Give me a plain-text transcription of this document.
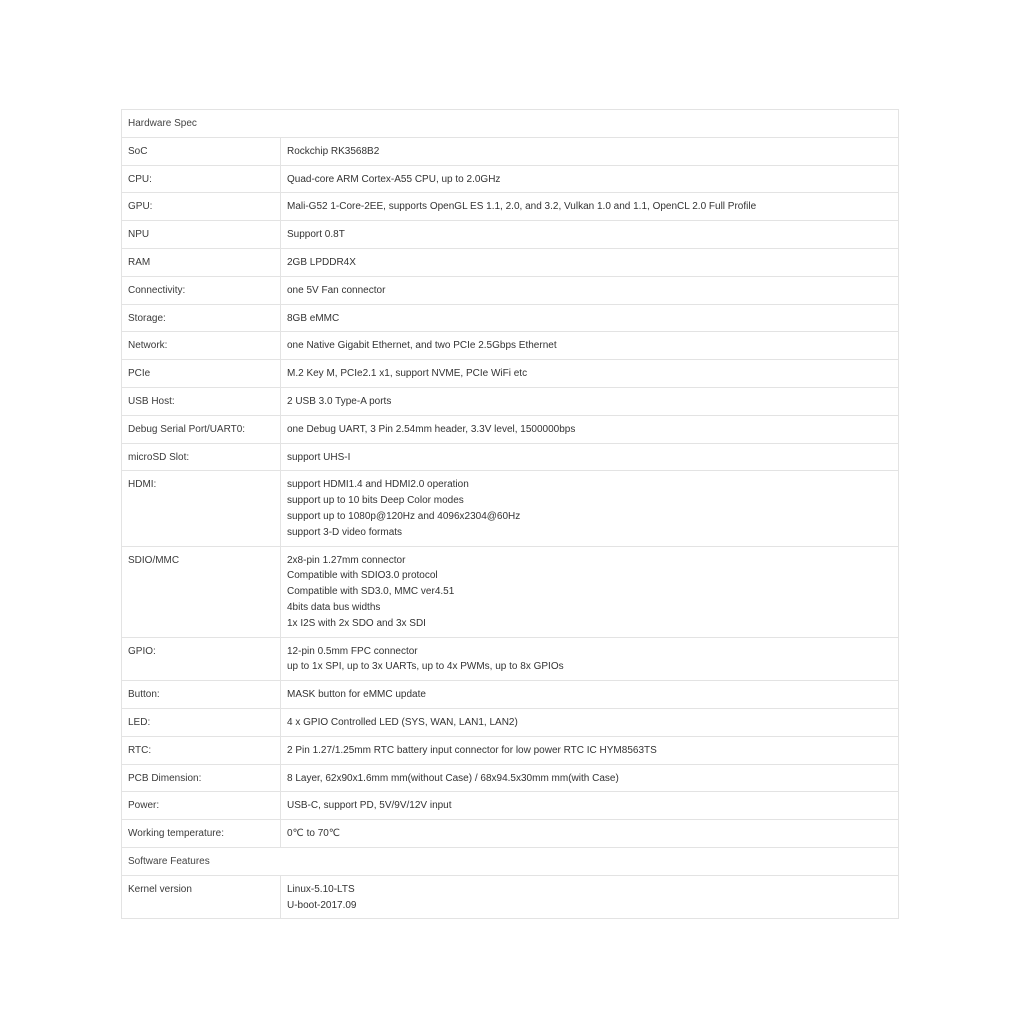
Hardware Spec	
SoC	Rockchip RK3568B2

CPU:	Quad-core ARM Cortex-A55 CPU, up to 2.0GHz

GPU:	Mali-G52 1-Core-2EE, supports OpenGL ES 1.1, 2.0, and 3.2, Vulkan 1.0 and 1.1, OpenCL 2.0 Full Profile

NPU	Support 0.8T

RAM	2GB LPDDR4X

Connectivity:	one 5V Fan connector

Storage:	8GB eMMC

Network:	one Native Gigabit Ethernet, and two PCIe 2.5Gbps Ethernet

PCIe	M.2 Key M, PCIe2.1 x1, support NVME, PCIe WiFi etc

USB Host:	2 USB 3.0 Type-A ports

Debug Serial Port/UART0:	one Debug UART, 3 Pin 2.54mm header, 3.3V level, 1500000bps

microSD Slot:	support UHS-I

HDMI:	support HDMI1.4 and HDMI2.0 operation
support up to 10 bits Deep Color modes
support up to 1080p@120Hz and 4096x2304@60Hz
support 3-D video formats

SDIO/MMC	2x8-pin 1.27mm connector
Compatible with SDIO3.0 protocol
Compatible with SD3.0, MMC ver4.51
4bits data bus widths
1x I2S with 2x SDO and 3x SDI

GPIO:	12-pin 0.5mm FPC connector
up to 1x SPI, up to 3x UARTs, up to 4x PWMs, up to 8x GPIOs

Button:	MASK button for eMMC update

LED:	4 x GPIO Controlled LED (SYS, WAN, LAN1, LAN2)

RTC:	2 Pin 1.27/1.25mm RTC battery input connector for low power RTC IC HYM8563TS

PCB Dimension:	8 Layer, 62x90x1.6mm mm(without Case) / 68x94.5x30mm mm(with Case)

Power:	USB-C, support PD, 5V/9V/12V input

Working temperature:	0℃ to 70℃

Software Features	
Kernel version	Linux-5.10-LTS
U-boot-2017.09
